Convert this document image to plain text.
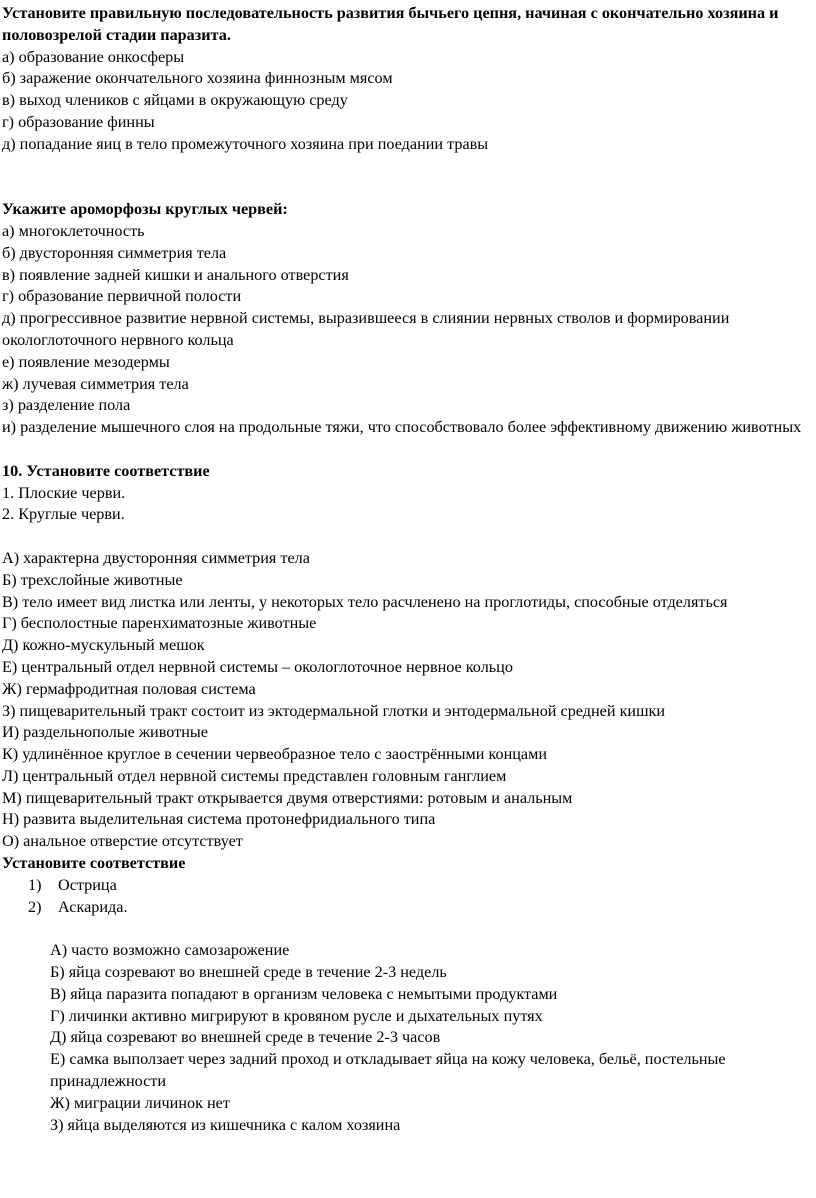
Установите правильную последовательность развития бычьего цепня, начиная с окончательно хозяина и половозрелой стадии паразита.
а) образование онкосферы
б) заражение окончательного хозяина финнозным мясом
в) выход члеников с яйцами в окружающую среду
г) образование финны
д) попадание яиц в тело промежуточного хозяина при поедании травы
Укажите ароморфозы круглых червей:
а) многоклеточность
б) двусторонняя симметрия тела
в) появление задней кишки и анального отверстия
г) образование первичной полости
д) прогрессивное развитие нервной системы, выразившееся в слиянии нервных стволов и формировании окологлоточного нервного кольца
е) появление мезодермы
ж) лучевая симметрия тела
з) разделение пола
и) разделение мышечного слоя на продольные тяжи, что способствовало более эффективному движению животных
10. Установите соответствие
1. Плоские черви.
2. Круглые черви.
А) характерна двусторонняя симметрия тела
Б) трехслойные животные
В) тело имеет вид листка или ленты, у некоторых тело расчленено на проглотиды, способные отделяться
Г) бесполостные паренхиматозные животные
Д) кожно-мускульный мешок
Е) центральный отдел нервной системы – окологлоточное нервное кольцо
Ж) гермафродитная половая система
З) пищеварительный тракт состоит из эктодермальной глотки и энтодермальной средней кишки
И) раздельнополые животные
К) удлинённое круглое в сечении червеобразное тело с заострёнными концами
Л) центральный отдел нервной системы представлен головным ганглием
М) пищеварительный тракт открывается двумя отверстиями: ротовым и анальным
Н) развита выделительная система протонефридиального типа
О) анальное отверстие отсутствует
Установите соответствие
1)	Острица
2)	Аскарида.
А) часто возможно самозарожение
Б) яйца созревают во внешней среде в течение 2-3 недель
В) яйца паразита попадают в организм человека с немытыми продуктами
Г) личинки активно мигрируют в кровяном русле и дыхательных путях
Д) яйца созревают во внешней среде в течение 2-3 часов
Е) самка выползает через задний проход и откладывает яйца на кожу человека, бельё, постельные принадлежности
Ж) миграции личинок нет
З) яйца выделяются из кишечника с калом хозяина
